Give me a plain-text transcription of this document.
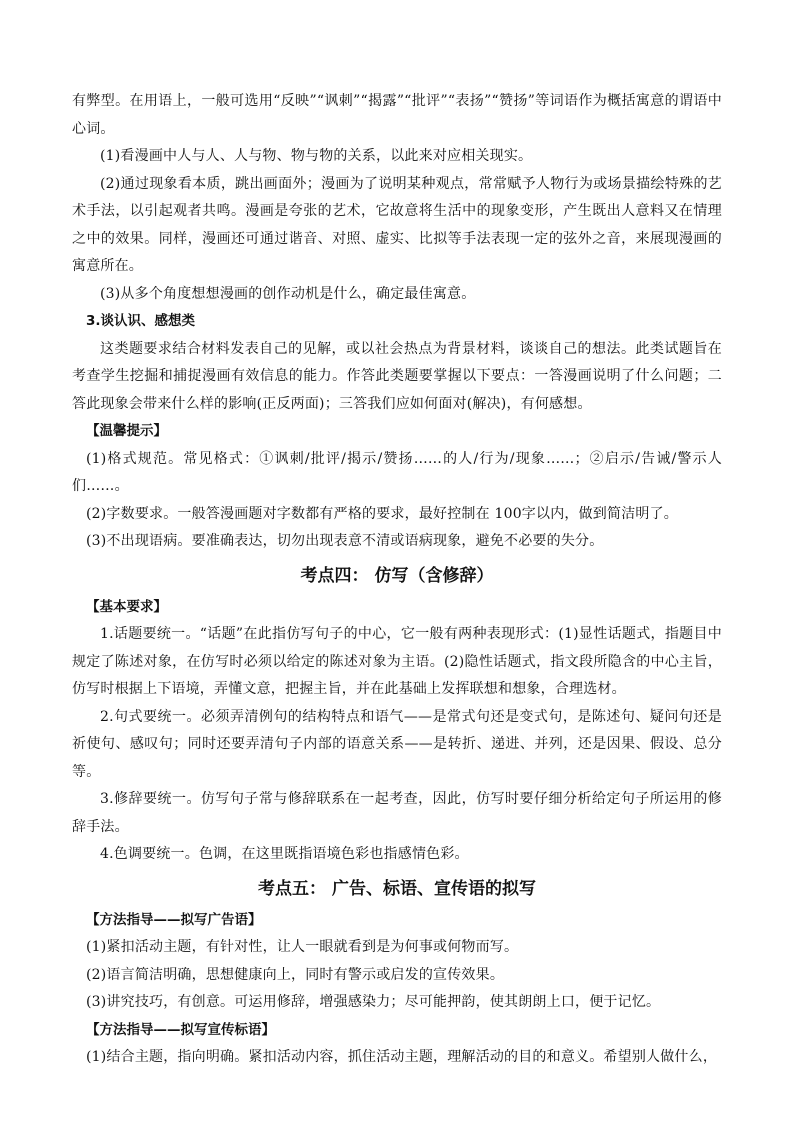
有弊型。在用语上，一般可选用“反映”“讽刺”“揭露”“批评”“表扬”“赞扬”等词语作为概括寓意的谓语中心词。

(1)看漫画中人与人、人与物、物与物的关系，以此来对应相关现实。

(2)通过现象看本质，跳出画面外；漫画为了说明某种观点，常常赋予人物行为或场景描绘特殊的艺术手法，以引起观者共鸣。漫画是夸张的艺术，它故意将生活中的现象变形，产生既出人意料又在情理之中的效果。同样，漫画还可通过谐音、对照、虚实、比拟等手法表现一定的弦外之音，来展现漫画的寓意所在。

(3)从多个角度想想漫画的创作动机是什么，确定最佳寓意。

3.谈认识、感想类

这类题要求结合材料发表自己的见解，或以社会热点为背景材料，谈谈自己的想法。此类试题旨在考查学生挖掘和捕捉漫画有效信息的能力。作答此类题要掌握以下要点：一答漫画说明了什么问题；二答此现象会带来什么样的影响(正反两面)；三答我们应如何面对(解决)，有何感想。

【温馨提示】

(1)格式规范。常见格式：①讽刺/批评/揭示/赞扬……的人/行为/现象……；②启示/告诫/警示人们……。

(2)字数要求。一般答漫画题对字数都有严格的要求，最好控制在 100字以内，做到简洁明了。

(3)不出现语病。要准确表达，切勿出现表意不清或语病现象，避免不必要的失分。

考点四： 仿写（含修辞）

【基本要求】

1.话题要统一。“话题”在此指仿写句子的中心，它一般有两种表现形式：(1)显性话题式，指题目中规定了陈述对象，在仿写时必须以给定的陈述对象为主语。(2)隐性话题式，指文段所隐含的中心主旨，仿写时根据上下语境，弄懂文意，把握主旨，并在此基础上发挥联想和想象，合理选材。

2.句式要统一。必须弄清例句的结构特点和语气——是常式句还是变式句，是陈述句、疑问句还是祈使句、感叹句；同时还要弄清句子内部的语意关系——是转折、递进、并列，还是因果、假设、总分等。

3.修辞要统一。仿写句子常与修辞联系在一起考查，因此，仿写时要仔细分析给定句子所运用的修辞手法。

4.色调要统一。色调，在这里既指语境色彩也指感情色彩。

考点五： 广告、标语、宣传语的拟写

【方法指导——拟写广告语】

(1)紧扣活动主题，有针对性，让人一眼就看到是为何事或何物而写。

(2)语言简洁明确，思想健康向上，同时有警示或启发的宣传效果。

(3)讲究技巧，有创意。可运用修辞，增强感染力；尽可能押韵，使其朗朗上口，便于记忆。

【方法指导——拟写宣传标语】

(1)结合主题，指向明确。紧扣活动内容，抓住活动主题，理解活动的目的和意义。希望别人做什么，
